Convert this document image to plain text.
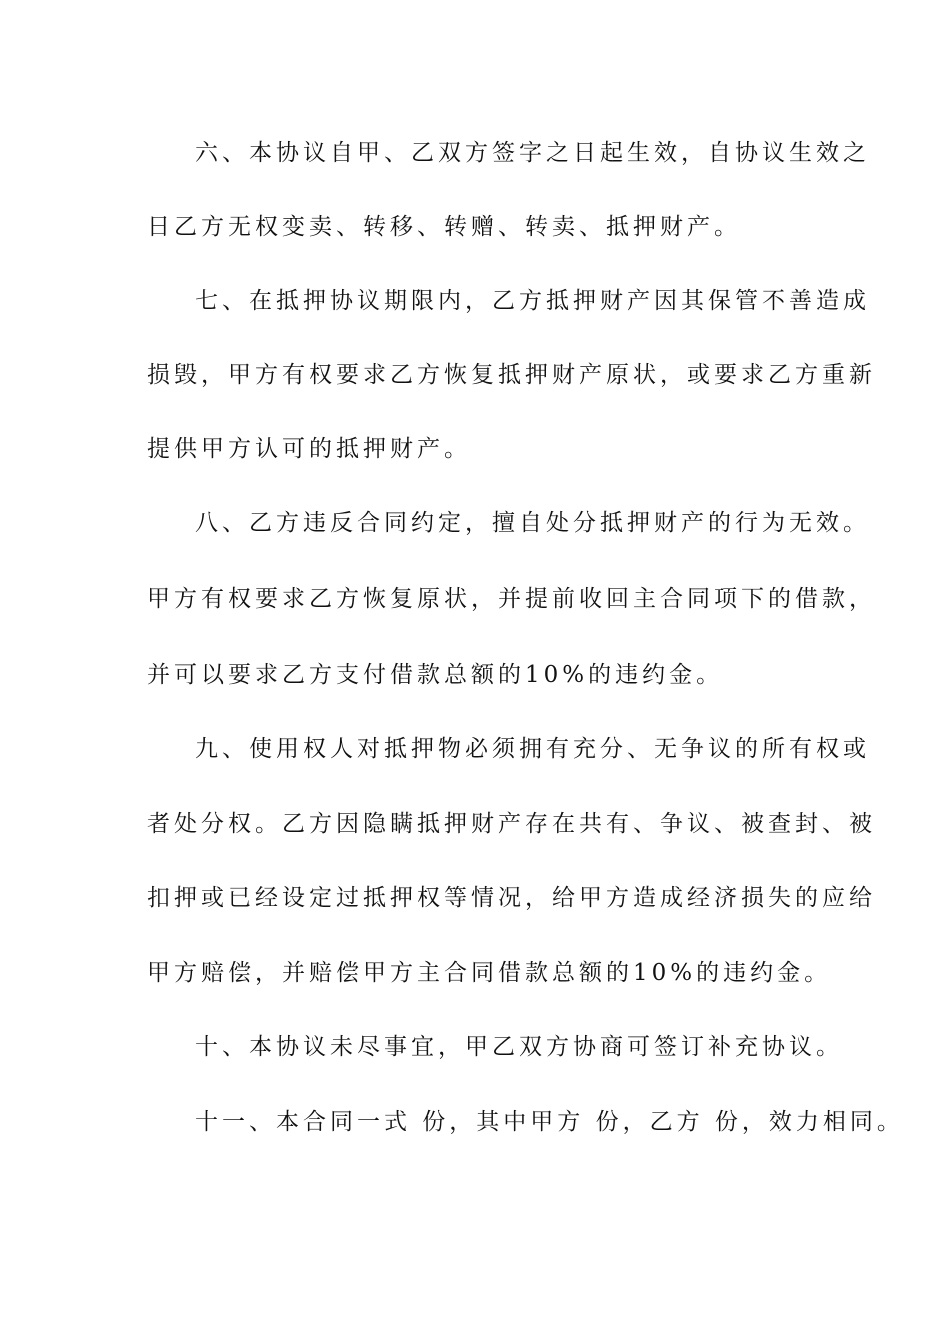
六、本协议自甲、乙双方签字之日起生效，自协议生效之
日乙方无权变卖、转移、转赠、转卖、抵押财产。
七、在抵押协议期限内，乙方抵押财产因其保管不善造成
损毁，甲方有权要求乙方恢复抵押财产原状，或要求乙方重新
提供甲方认可的抵押财产。
八、乙方违反合同约定，擅自处分抵押财产的行为无效。
甲方有权要求乙方恢复原状，并提前收回主合同项下的借款，
并可以要求乙方支付借款总额的10%的违约金。
九、使用权人对抵押物必须拥有充分、无争议的所有权或
者处分权。乙方因隐瞒抵押财产存在共有、争议、被查封、被
扣押或已经设定过抵押权等情况，给甲方造成经济损失的应给
甲方赔偿，并赔偿甲方主合同借款总额的10%的违约金。
十、本协议未尽事宜，甲乙双方协商可签订补充协议。
十一、本合同一式 份，其中甲方 份，乙方 份，效力相同。
